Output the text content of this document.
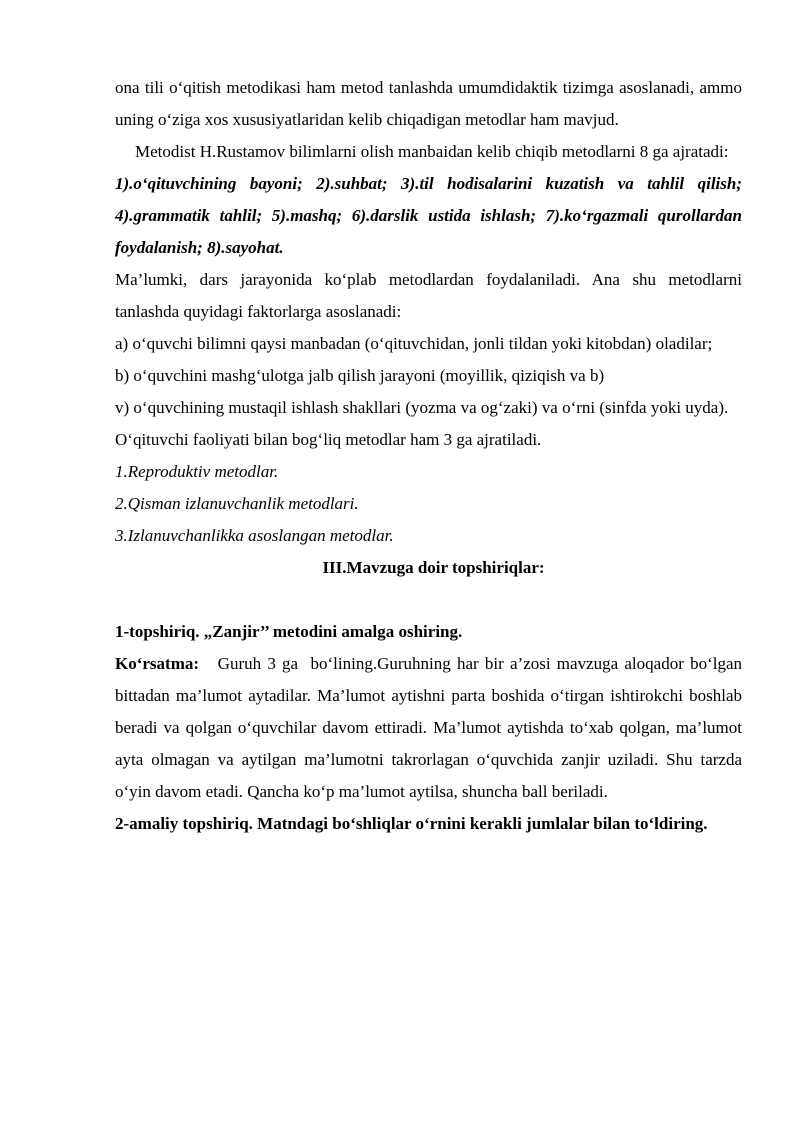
ona tili o‘qitish metodikasi ham metod tanlashda umumdidaktik tizimga asoslanadi, ammo uning o‘ziga xos xususiyatlaridan kelib chiqadigan metodlar ham mavjud.

Metodist H.Rustamov bilimlarni olish manbaidan kelib chiqib metodlarni 8 ga ajratadi:

1).o‘qituvchining bayoni; 2).suhbat; 3).til hodisalarini kuzatish va tahlil qilish; 4).grammatik tahlil; 5).mashq; 6).darslik ustida ishlash; 7).ko‘rgazmali qurollardan foydalanish; 8).sayohat.

Ma’lumki, dars jarayonida ko‘plab metodlardan foydalaniladi. Ana shu metodlarni tanlashda quyidagi faktorlarga asoslanadi:

a) o‘quvchi bilimni qaysi manbadan (o‘qituvchidan, jonli tildan yoki kitobdan) oladilar;

b) o‘quvchini mashg‘ulotga jalb qilish jarayoni (moyillik, qiziqish va b)

v) o‘quvchining mustaqil ishlash shakllari (yozma va og‘zaki) va o‘rni (sinfda yoki uyda).

O‘qituvchi faoliyati bilan bog‘liq metodlar ham 3 ga ajratiladi.

1.Reproduktiv metodlar.

2.Qisman izlanuvchanlik metodlari.

3.Izlanuvchanlikka asoslangan metodlar.

III.Mavzuga doir topshiriqlar:

1-topshiriq. „Zanjir’’ metodini amalga oshiring.

Ko‘rsatma:   Guruh 3 ga  bo‘lining.Guruhning har bir a’zosi mavzuga aloqador bo‘lgan bittadan ma’lumot aytadilar. Ma’lumot aytishni parta boshida o‘tirgan ishtirokchi boshlab beradi va qolgan o‘quvchilar davom ettiradi. Ma’lumot aytishda to‘xab qolgan, ma’lumot ayta olmagan va aytilgan ma’lumotni takrorlagan o‘quvchida zanjir uziladi. Shu tarzda o‘yin davom etadi. Qancha ko‘p ma’lumot aytilsa, shuncha ball beriladi.

2-amaliy topshiriq. Matndagi bo‘shliqlar o‘rnini kerakli jumlalar bilan to‘ldiring.
